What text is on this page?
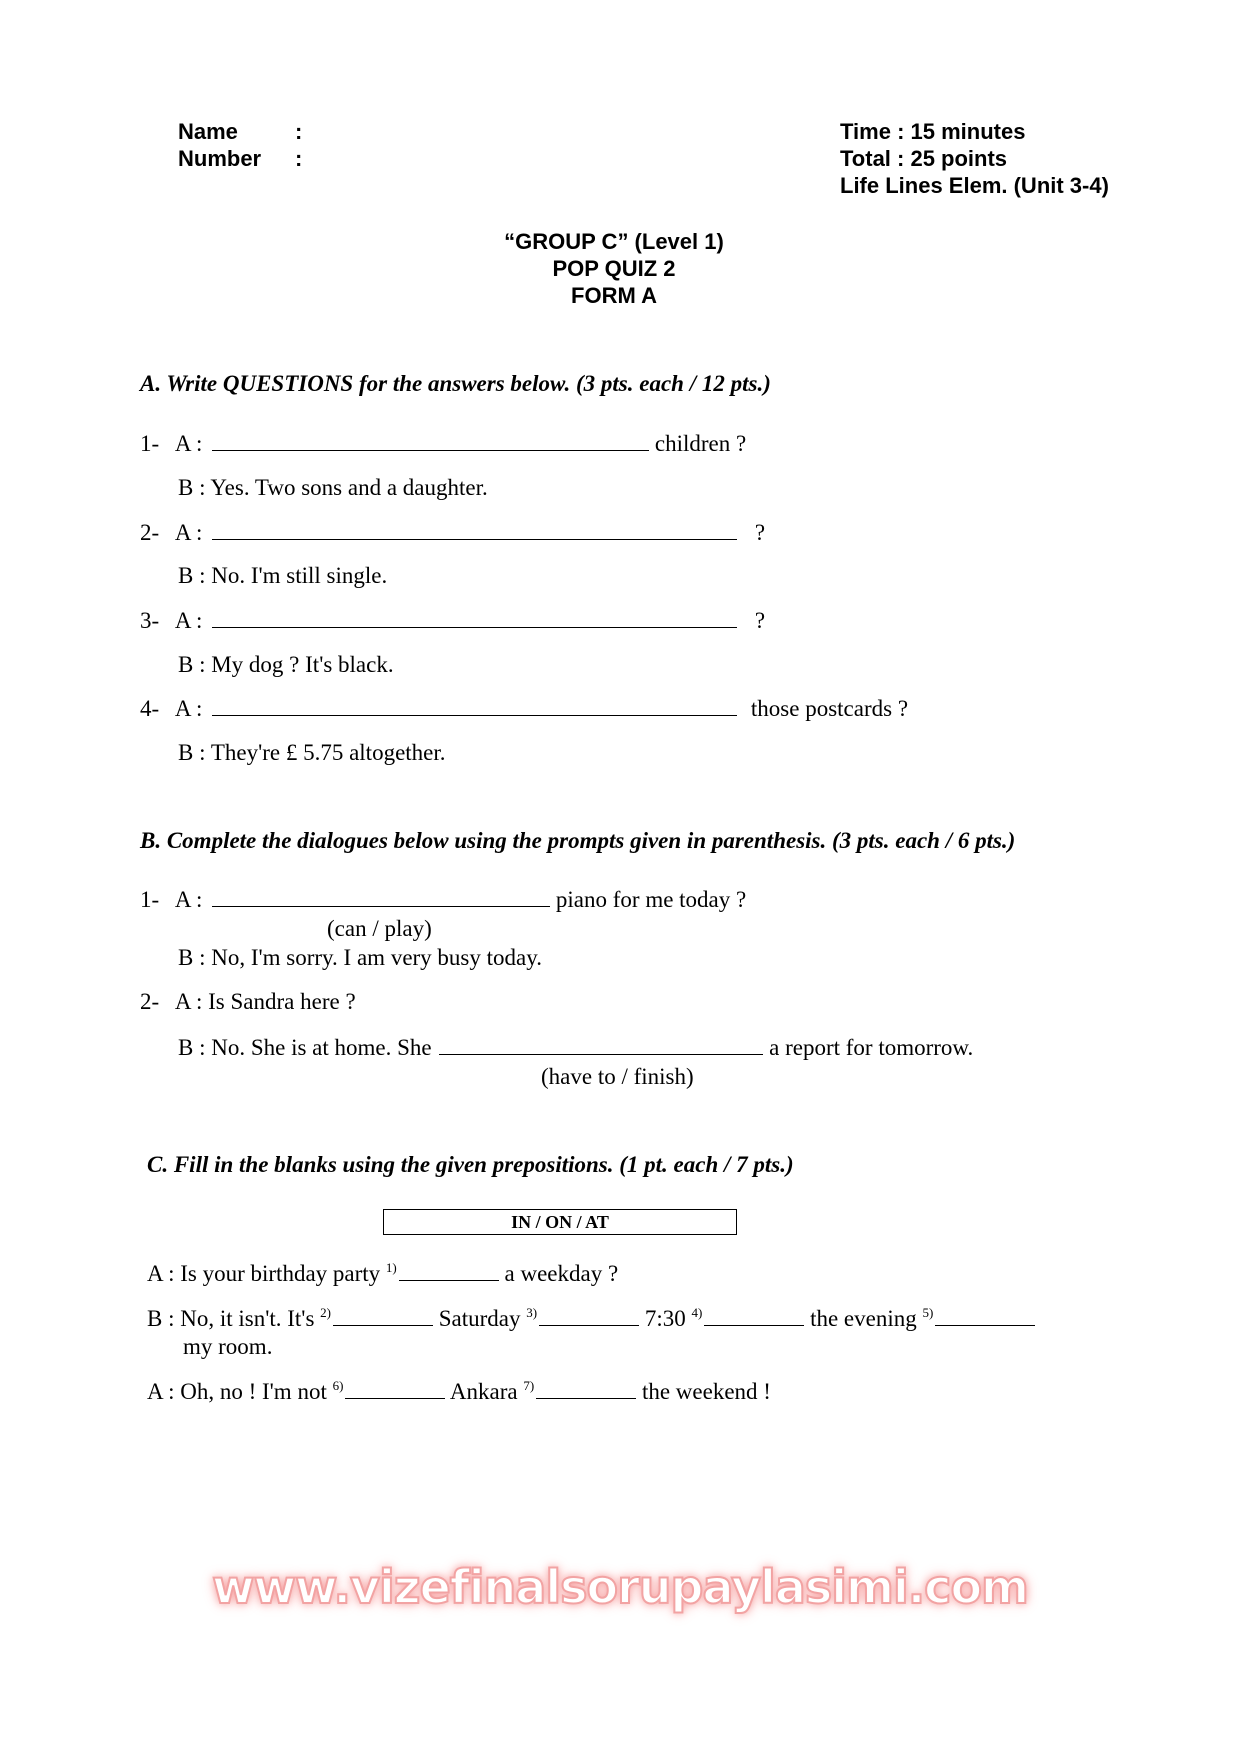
Name	:
Number :
Time : 15 minutes
Total : 25 points
Life Lines Elem. (Unit 3-4)
“GROUP C” (Level 1)
POP QUIZ 2
FORM A
A. Write QUESTIONS for the answers below. (3 pts. each / 12 pts.)
1- A :	children ?
B : Yes. Two sons and a daughter.
2- A :	?
B : No. I'm still single.
3- A :	?
B : My dog ? It's black.
4- A :	those postcards ?
B : They're £ 5.75 altogether.
B. Complete the dialogues below using the prompts given in parenthesis. (3 pts. each / 6 pts.)
1- A :	piano for me today ?
(can / play)
B : No, I'm sorry. I am very busy today.
2- A : Is Sandra here ?
B : No. She is at home. She	a report for tomorrow.
(have to / finish)
C. Fill in the blanks using the given prepositions. (1 pt. each / 7 pts.)
IN / ON / AT
A : Is your birthday party $^{1)}$	a weekday ?
B : No, it isn't. It's $^{2)}$	Saturday $^{3)}$	7:30 $^{4)}$	the evening $^{5)}$
my room.
A : Oh, no ! I'm not $^{6)}$	Ankara $^{7)}$	the weekend !
www.vizefinalsorupaylasimi.com
